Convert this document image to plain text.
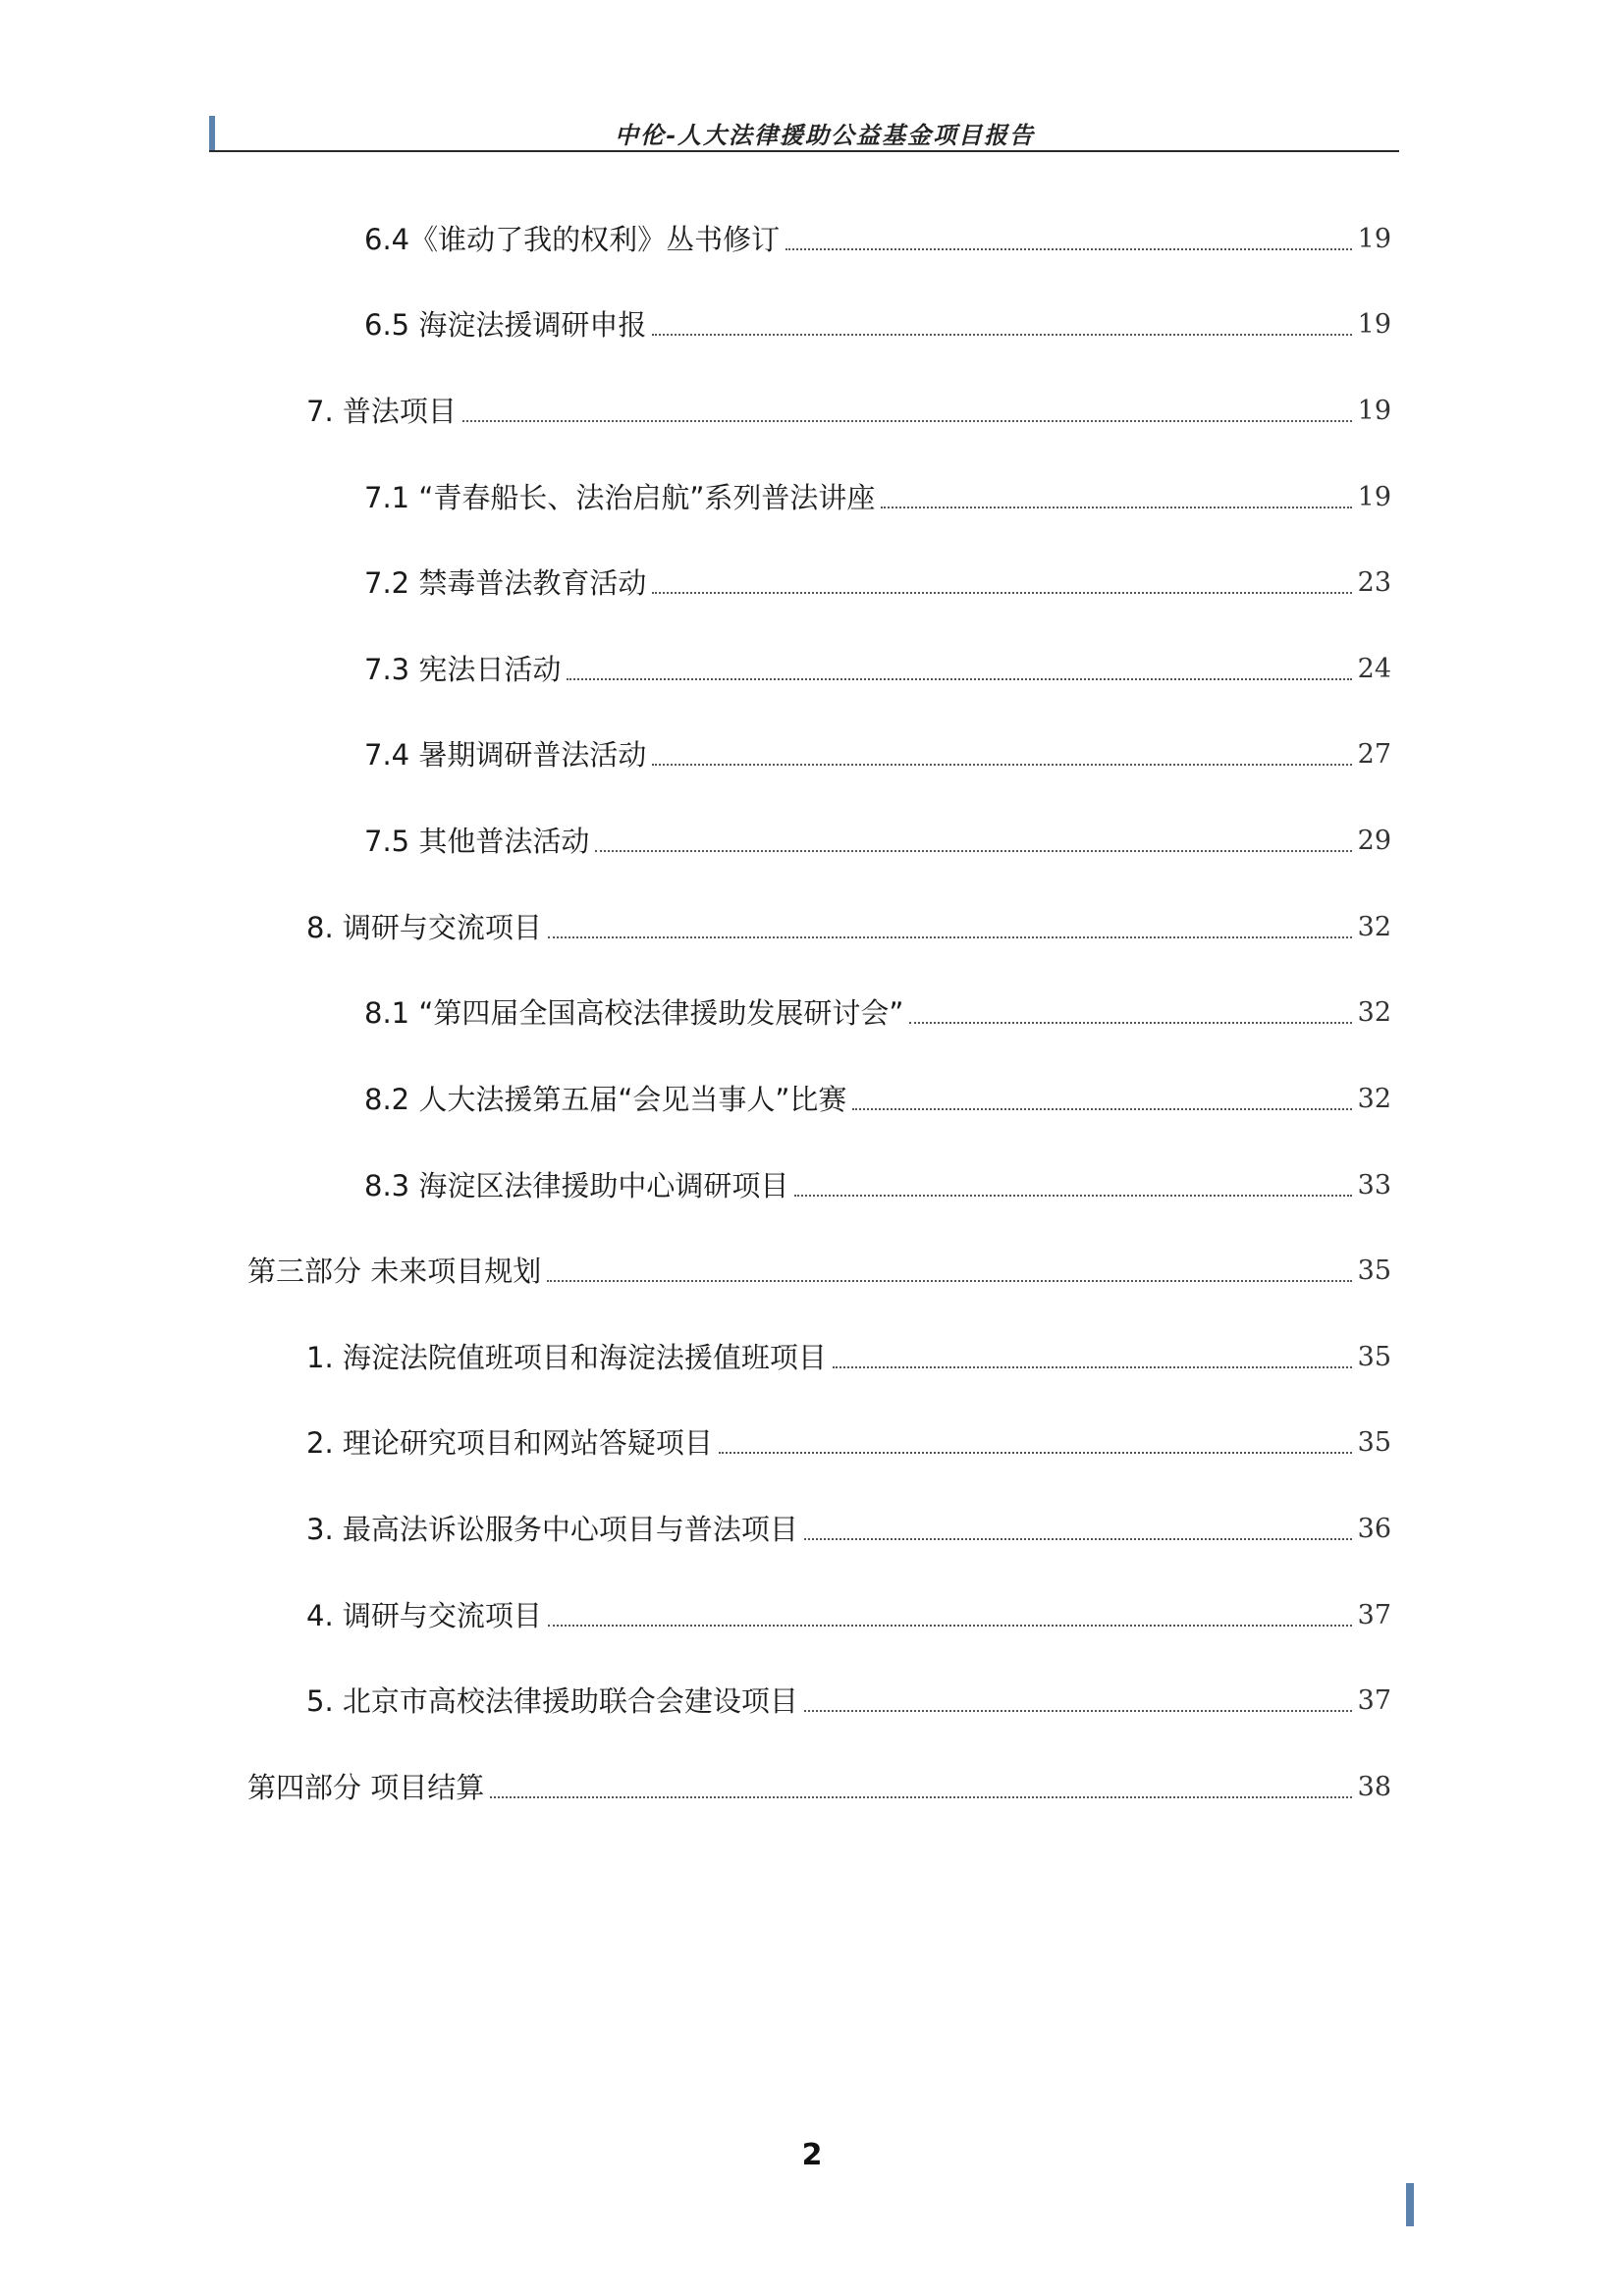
中伦-人大法律援助公益基金项目报告
6.4《谁动了我的权利》丛书修订	19
6.5 海淀法援调研申报	19
7. 普法项目	19
7.1 “青春船长、法治启航”系列普法讲座	19
7.2 禁毒普法教育活动	23
7.3 宪法日活动	24
7.4 暑期调研普法活动	27
7.5 其他普法活动	29
8. 调研与交流项目	32
8.1 “第四届全国高校法律援助发展研讨会”	32
8.2 人大法援第五届“会见当事人”比赛	32
8.3 海淀区法律援助中心调研项目	33
第三部分 未来项目规划	35
1. 海淀法院值班项目和海淀法援值班项目	35
2. 理论研究项目和网站答疑项目	35
3. 最高法诉讼服务中心项目与普法项目	36
4. 调研与交流项目	37
5. 北京市高校法律援助联合会建设项目	37
第四部分 项目结算	38
2
